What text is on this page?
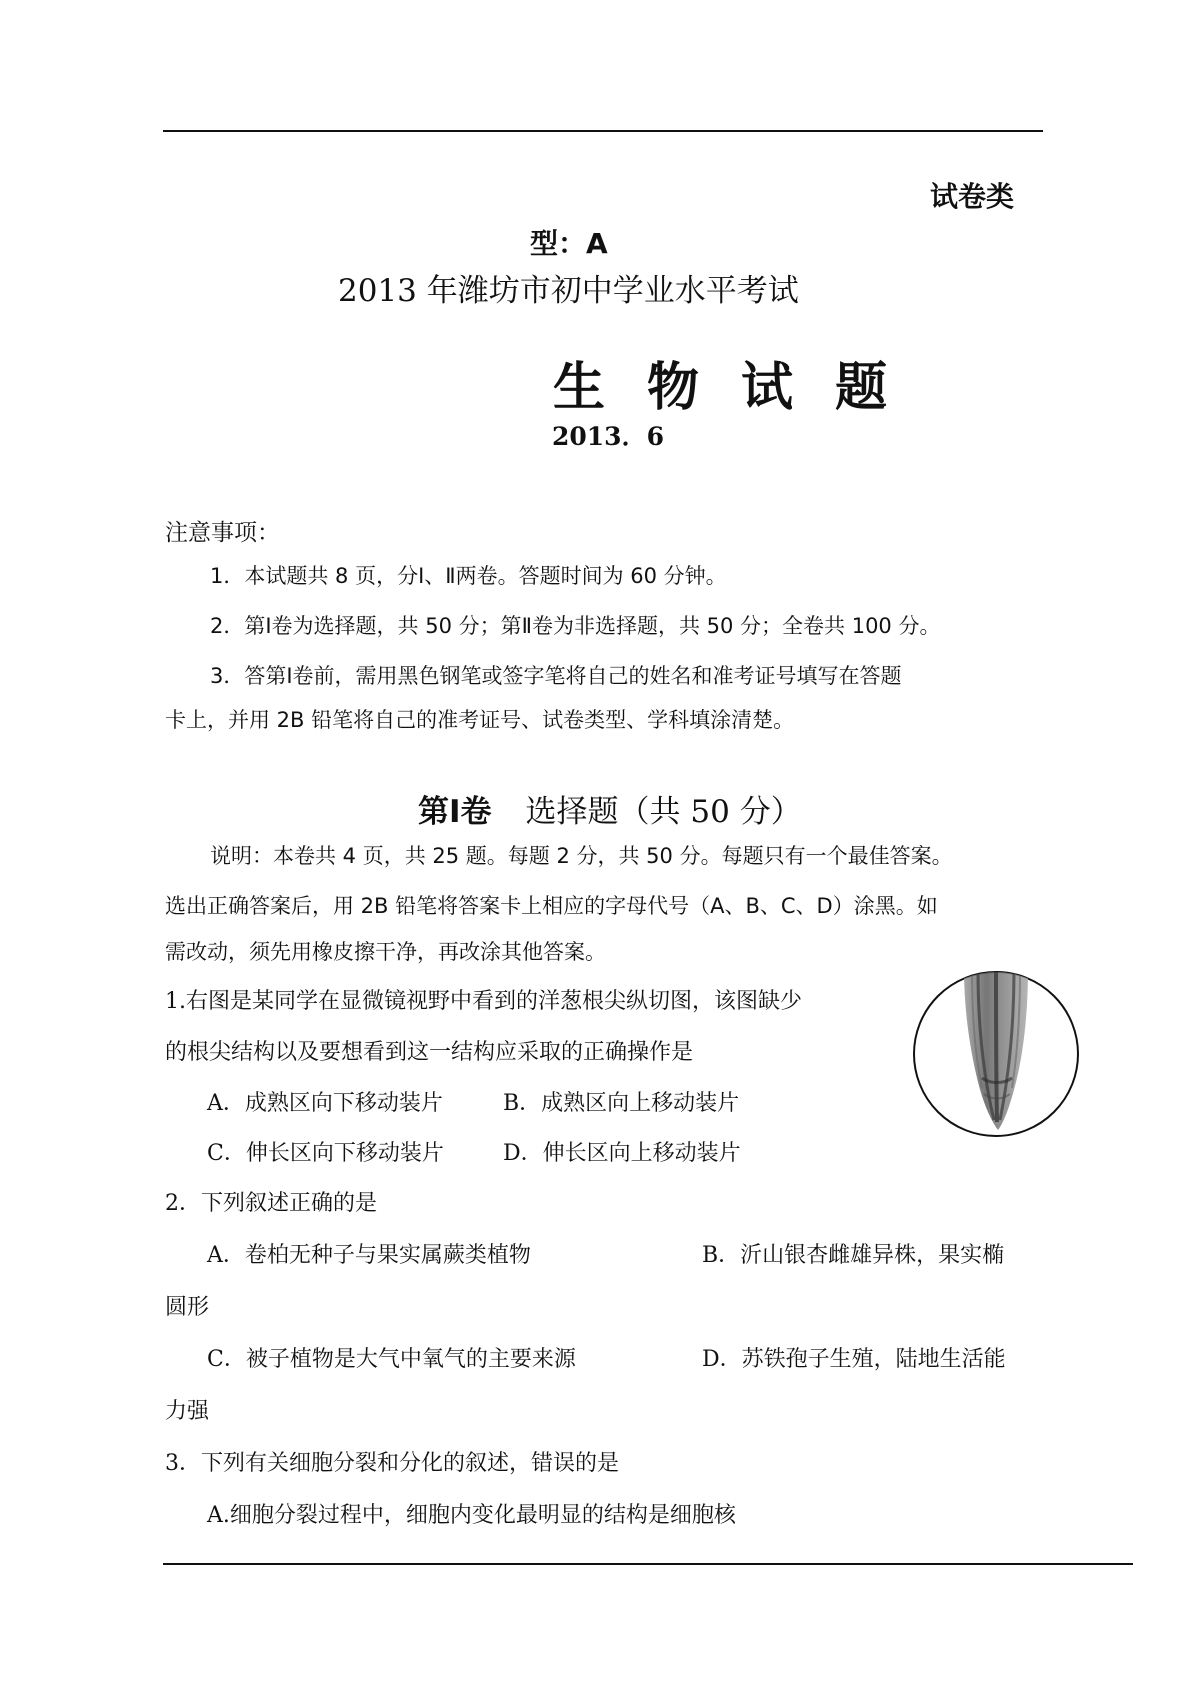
试卷类
型：A
2013 年潍坊市初中学业水平考试
生物试题
2013．6
注意事项：
1．本试题共 8 页，分Ⅰ、Ⅱ两卷。答题时间为 60 分钟。
2．第Ⅰ卷为选择题，共 50 分；第Ⅱ卷为非选择题，共 50 分；全卷共 100 分。
3．答第Ⅰ卷前，需用黑色钢笔或签字笔将自己的姓名和准考证号填写在答题
卡上，并用 2B 铅笔将自己的准考证号、试卷类型、学科填涂清楚。
第Ⅰ卷 选择题（共 50 分）
说明：本卷共 4 页，共 25 题。每题 2 分，共 50 分。每题只有一个最佳答案。
选出正确答案后，用 2B 铅笔将答案卡上相应的字母代号（A、B、C、D）涂黑。如
需改动，须先用橡皮擦干净，再改涂其他答案。
1.右图是某同学在显微镜视野中看到的洋葱根尖纵切图，该图缺少
的根尖结构以及要想看到这一结构应采取的正确操作是
A．成熟区向下移动装片	B．成熟区向上移动装片
C．伸长区向下移动装片	D．伸长区向上移动装片
2．下列叙述正确的是
A．卷柏无种子与果实属蕨类植物	B．沂山银杏雌雄异株，果实椭
圆形
C．被子植物是大气中氧气的主要来源	D．苏铁孢子生殖，陆地生活能
力强
3．下列有关细胞分裂和分化的叙述，错误的是
A.细胞分裂过程中，细胞内变化最明显的结构是细胞核
